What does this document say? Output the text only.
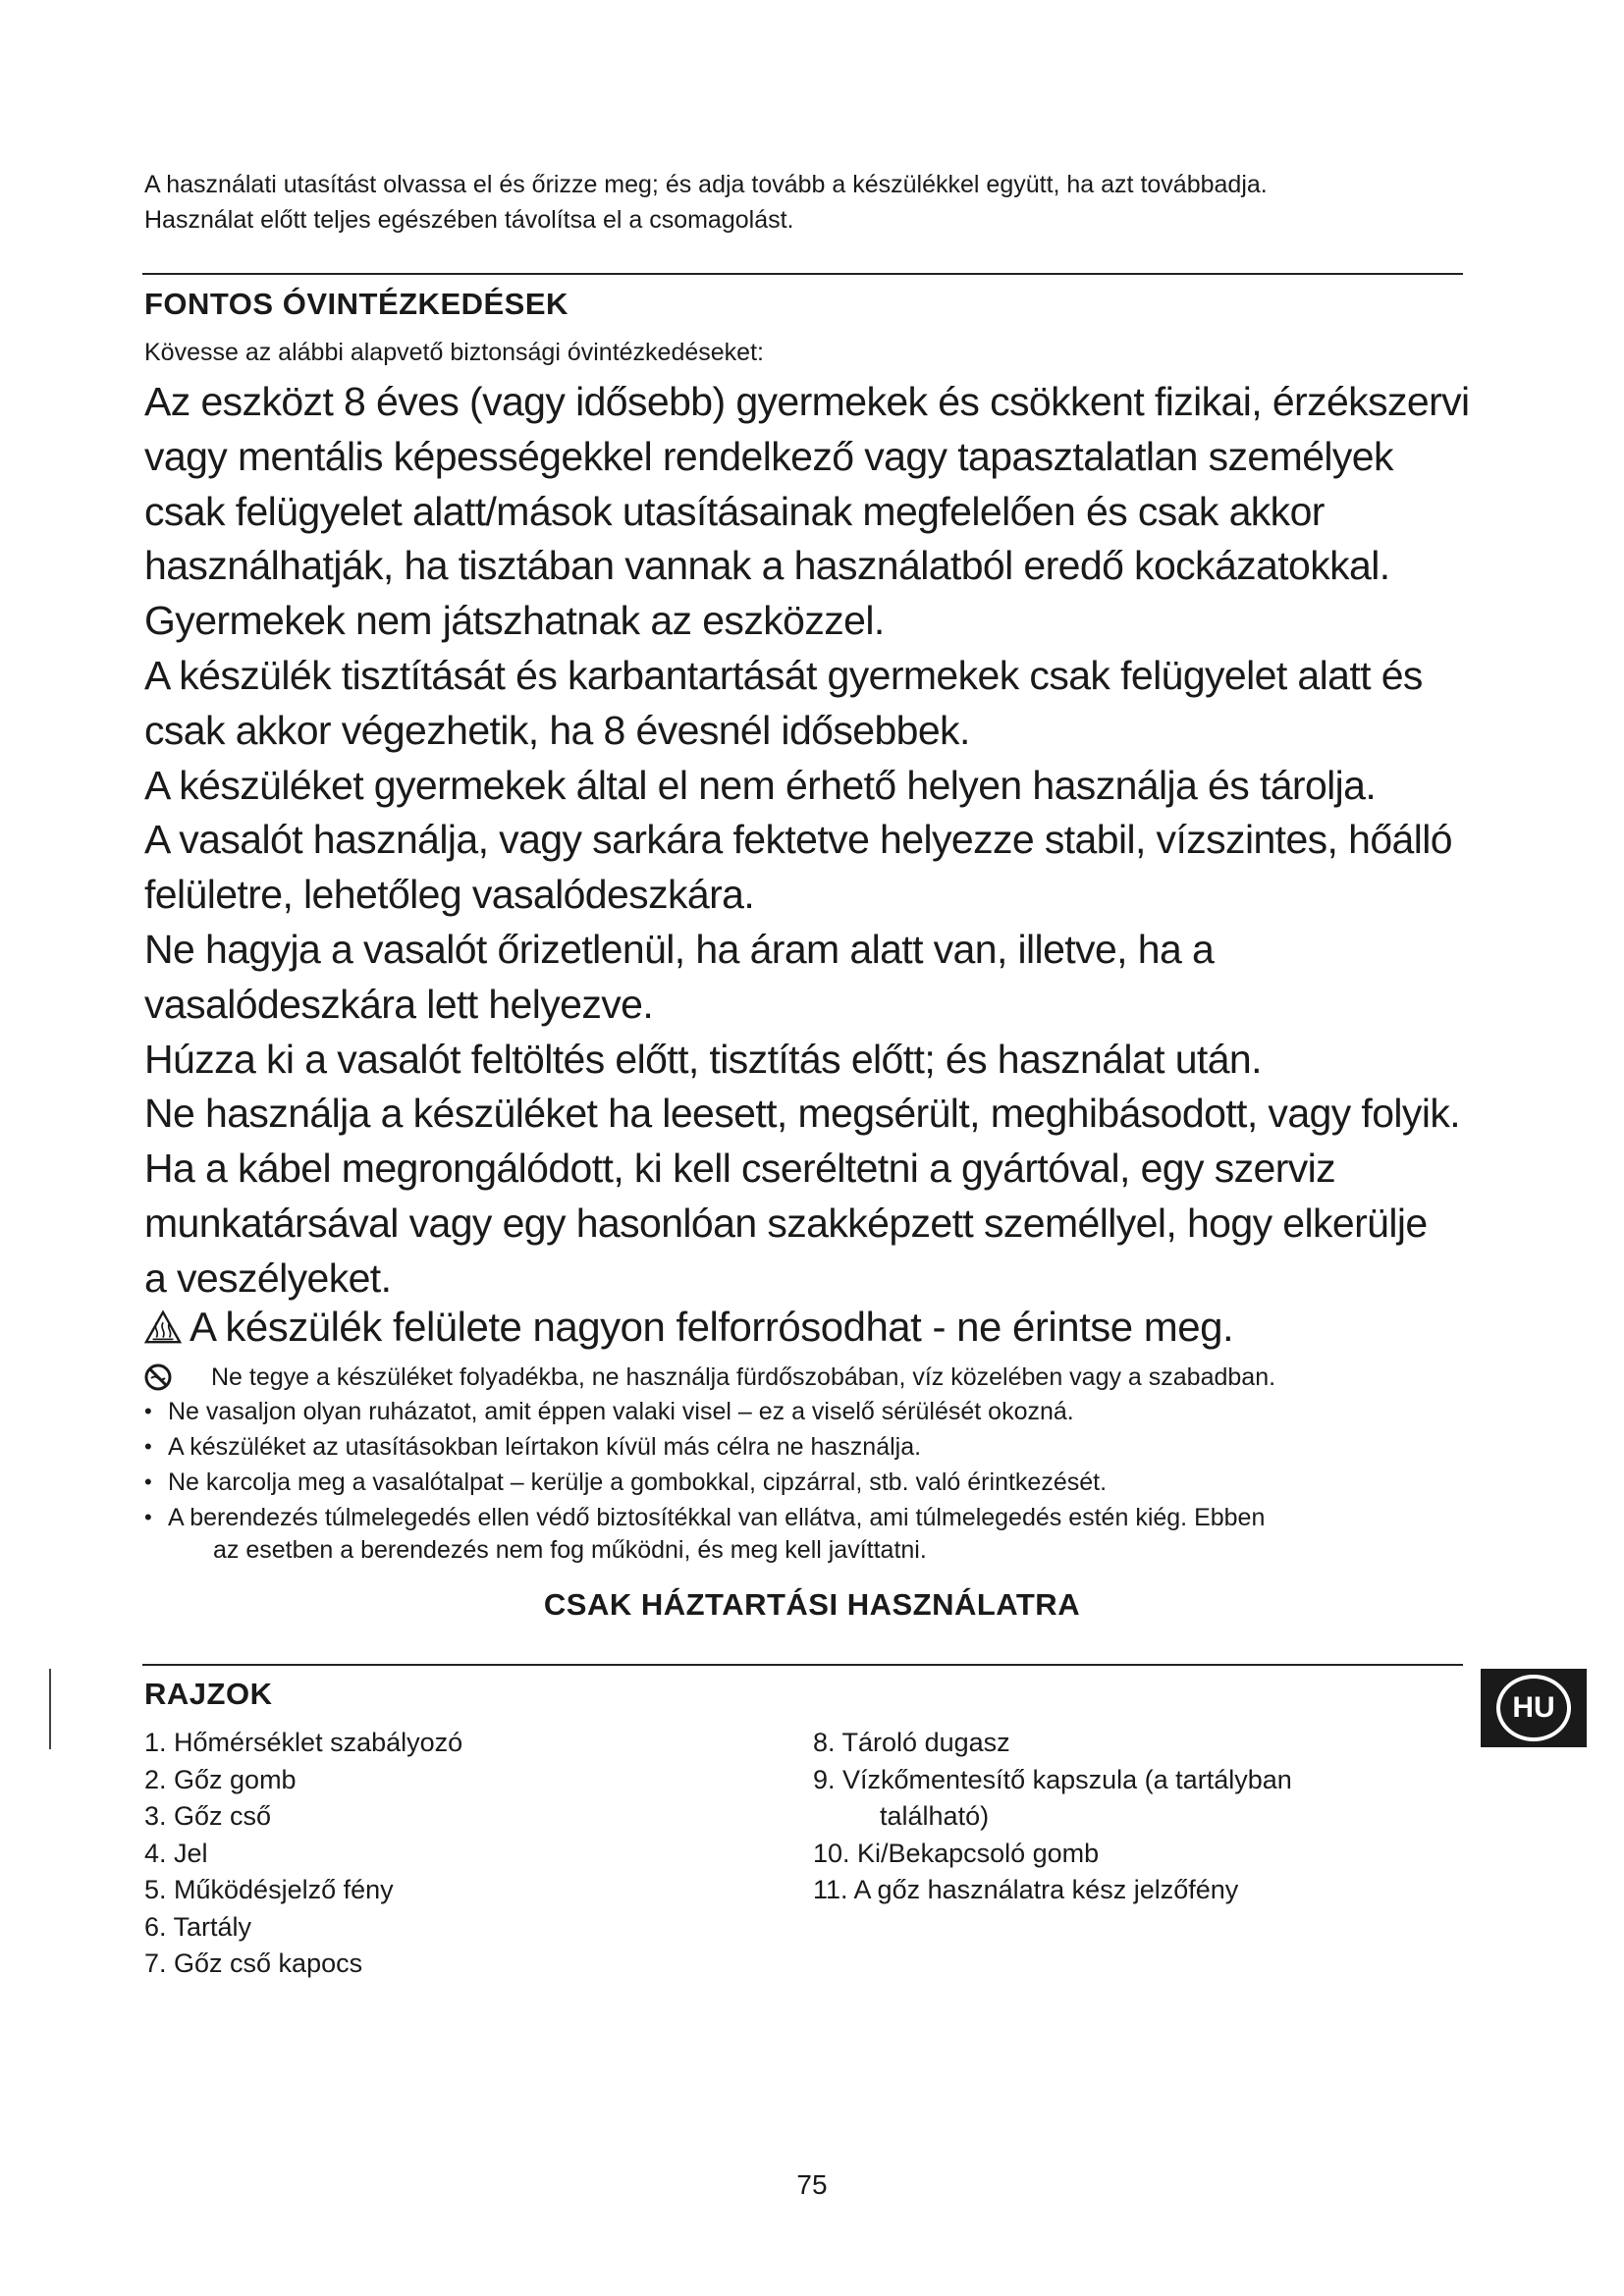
A használati utasítást olvassa el és őrizze meg; és adja tovább a készülékkel együtt, ha azt továbbadja.
Használat előtt teljes egészében távolítsa el a csomagolást.
FONTOS ÓVINTÉZKEDÉSEK
Kövesse az alábbi alapvető biztonsági óvintézkedéseket:
Az eszközt 8 éves (vagy idősebb) gyermekek és csökkent fizikai, érzékszervi
vagy mentális képességekkel rendelkező vagy tapasztalatlan személyek
csak felügyelet alatt/mások utasításainak megfelelően és csak akkor
használhatják, ha tisztában vannak a használatból eredő kockázatokkal.
Gyermekek nem játszhatnak az eszközzel.
A készülék tisztítását és karbantartását gyermekek csak felügyelet alatt és
csak akkor végezhetik, ha 8 évesnél idősebbek.
A készüléket gyermekek által el nem érhető helyen használja és tárolja.
A vasalót használja, vagy sarkára fektetve helyezze stabil, vízszintes, hőálló
felületre, lehetőleg vasalódeszkára.
Ne hagyja a vasalót őrizetlenül, ha áram alatt van, illetve, ha a
vasalódeszkára lett helyezve.
Húzza ki a vasalót feltöltés előtt, tisztítás előtt; és használat után.
Ne használja a készüléket ha leesett, megsérült, meghibásodott, vagy folyik.
Ha a kábel megrongálódott, ki kell cseréltetni a gyártóval, egy szerviz
munkatársával vagy egy hasonlóan szakképzett személlyel, hogy elkerülje
a veszélyeket.
A készülék felülete nagyon felforrósodhat - ne érintse meg.
Ne tegye a készüléket folyadékba, ne használja fürdőszobában, víz közelében vagy a szabadban.
• Ne vasaljon olyan ruházatot, amit éppen valaki visel – ez a viselő sérülését okozná.
• A készüléket az utasításokban leírtakon kívül más célra ne használja.
• Ne karcolja meg a vasalótalpat – kerülje a gombokkal, cipzárral, stb. való érintkezését.
• A berendezés túlmelegedés ellen védő biztosítékkal van ellátva, ami túlmelegedés estén kiég. Ebben
az esetben a berendezés nem fog működni, és meg kell javíttatni.
CSAK HÁZTARTÁSI HASZNÁLATRA
RAJZOK	HU
1. Hőmérséklet szabályozó
2. Gőz gomb
3. Gőz cső
4. Jel
5. Működésjelző fény
6. Tartály
7. Gőz cső kapocs
8. Tároló dugasz
9. Vízkőmentesítő kapszula (a tartályban
található)
10. Ki/Bekapcsoló gomb
11. A gőz használatra kész jelzőfény
75
